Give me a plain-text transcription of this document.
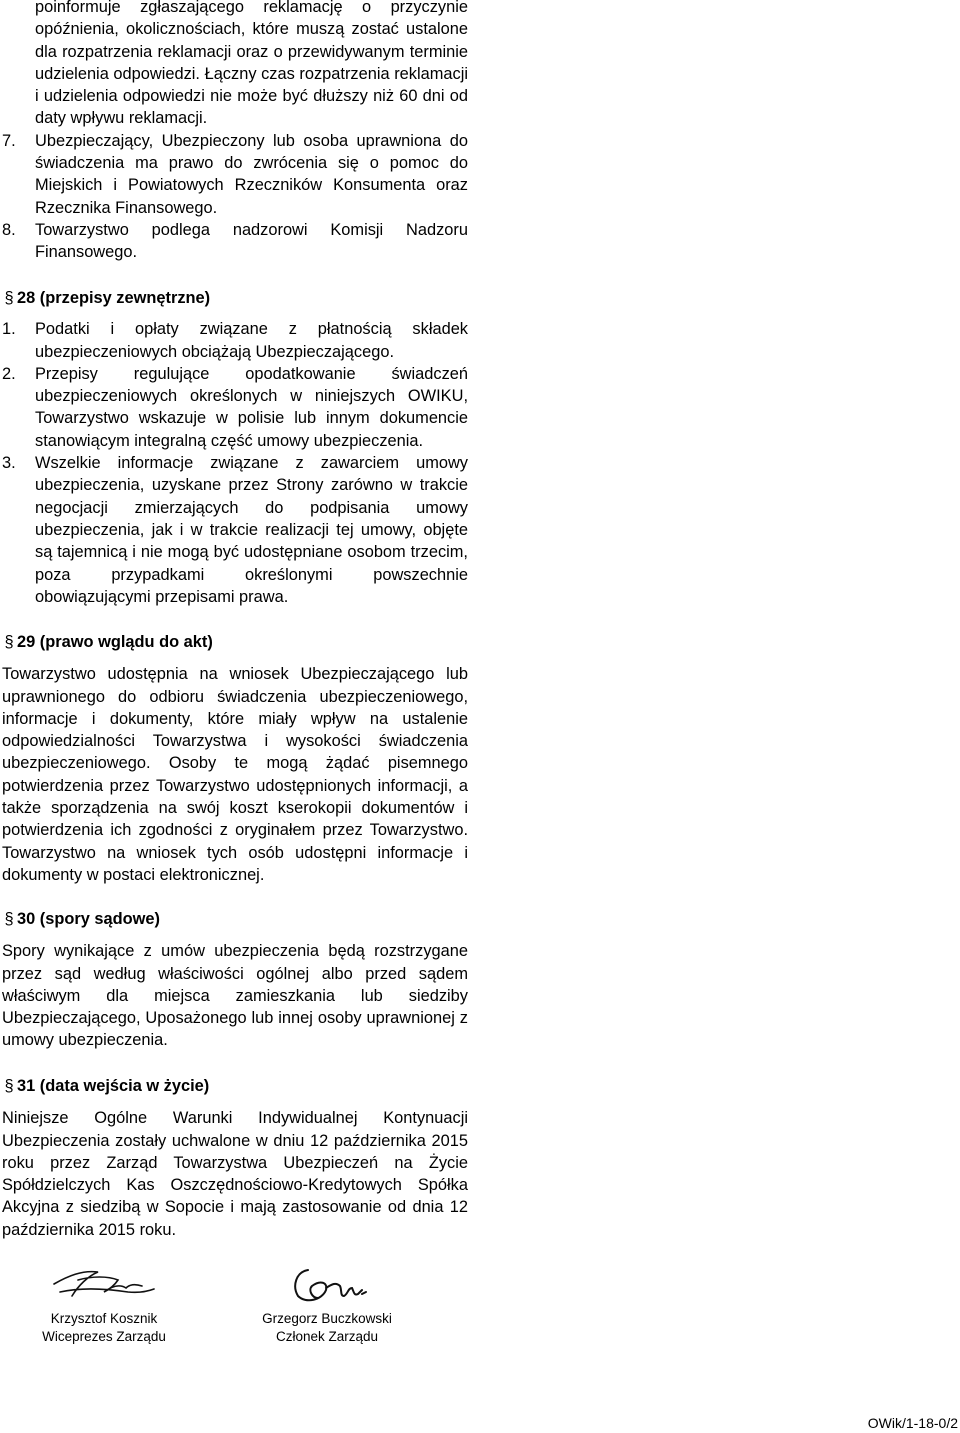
poinformuje zgłaszającego reklamację o przyczynie opóźnienia, okolicznościach, które muszą zostać ustalone dla rozpatrzenia reklamacji oraz o przewidywanym terminie udzielenia odpowiedzi. Łączny czas rozpatrzenia reklamacji i udzielenia odpowiedzi nie może być dłuższy niż 60 dni od daty wpływu reklamacji.

7. Ubezpieczający, Ubezpieczony lub osoba uprawniona do świadczenia ma prawo do zwrócenia się o pomoc do Miejskich i Powiatowych Rzeczników Konsumenta oraz Rzecznika Finansowego.
8. Towarzystwo podlega nadzorowi Komisji Nadzoru Finansowego.

§ 28 (przepisy zewnętrzne)

1. Podatki i opłaty związane z płatnością składek ubezpieczeniowych obciążają Ubezpieczającego.
2. Przepisy regulujące opodatkowanie świadczeń ubezpieczeniowych określonych w niniejszych OWIKU, Towarzystwo wskazuje w polisie lub innym dokumencie stanowiącym integralną część umowy ubezpieczenia.
3. Wszelkie informacje związane z zawarciem umowy ubezpieczenia, uzyskane przez Strony zarówno w trakcie negocjacji zmierzających do podpisania umowy ubezpieczenia, jak i w trakcie realizacji tej umowy, objęte są tajemnicą i nie mogą być udostępniane osobom trzecim, poza przypadkami określonymi powszechnie obowiązującymi przepisami prawa.

§ 29 (prawo wglądu do akt)

Towarzystwo udostępnia na wniosek Ubezpieczającego lub uprawnionego do odbioru świadczenia ubezpieczeniowego, informacje i dokumenty, które miały wpływ na ustalenie odpowiedzialności Towarzystwa i wysokości świadczenia ubezpieczeniowego. Osoby te mogą żądać pisemnego potwierdzenia przez Towarzystwo udostępnionych informacji, a także sporządzenia na swój koszt kserokopii dokumentów i potwierdzenia ich zgodności z oryginałem przez Towarzystwo. Towarzystwo na wniosek tych osób udostępni informacje i dokumenty w postaci elektronicznej.

§ 30 (spory sądowe)

Spory wynikające z umów ubezpieczenia będą rozstrzygane przez sąd według właściwości ogólnej albo przed sądem właściwym dla miejsca zamieszkania lub siedziby Ubezpieczającego, Uposażonego lub innej osoby uprawnionej z umowy ubezpieczenia.

§ 31 (data wejścia w życie)

Niniejsze Ogólne Warunki Indywidualnej Kontynuacji Ubezpieczenia zostały uchwalone w dniu 12 października 2015 roku przez Zarząd Towarzystwa Ubezpieczeń na Życie Spółdzielczych Kas Oszczędnościowo-Kredytowych Spółka Akcyjna z siedzibą w Sopocie i mają zastosowanie od dnia 12 października 2015 roku.

Krzysztof Kosznik
Wiceprezes Zarządu
Grzegorz Buczkowski
Członek Zarządu
OWik/1-18-0/2
